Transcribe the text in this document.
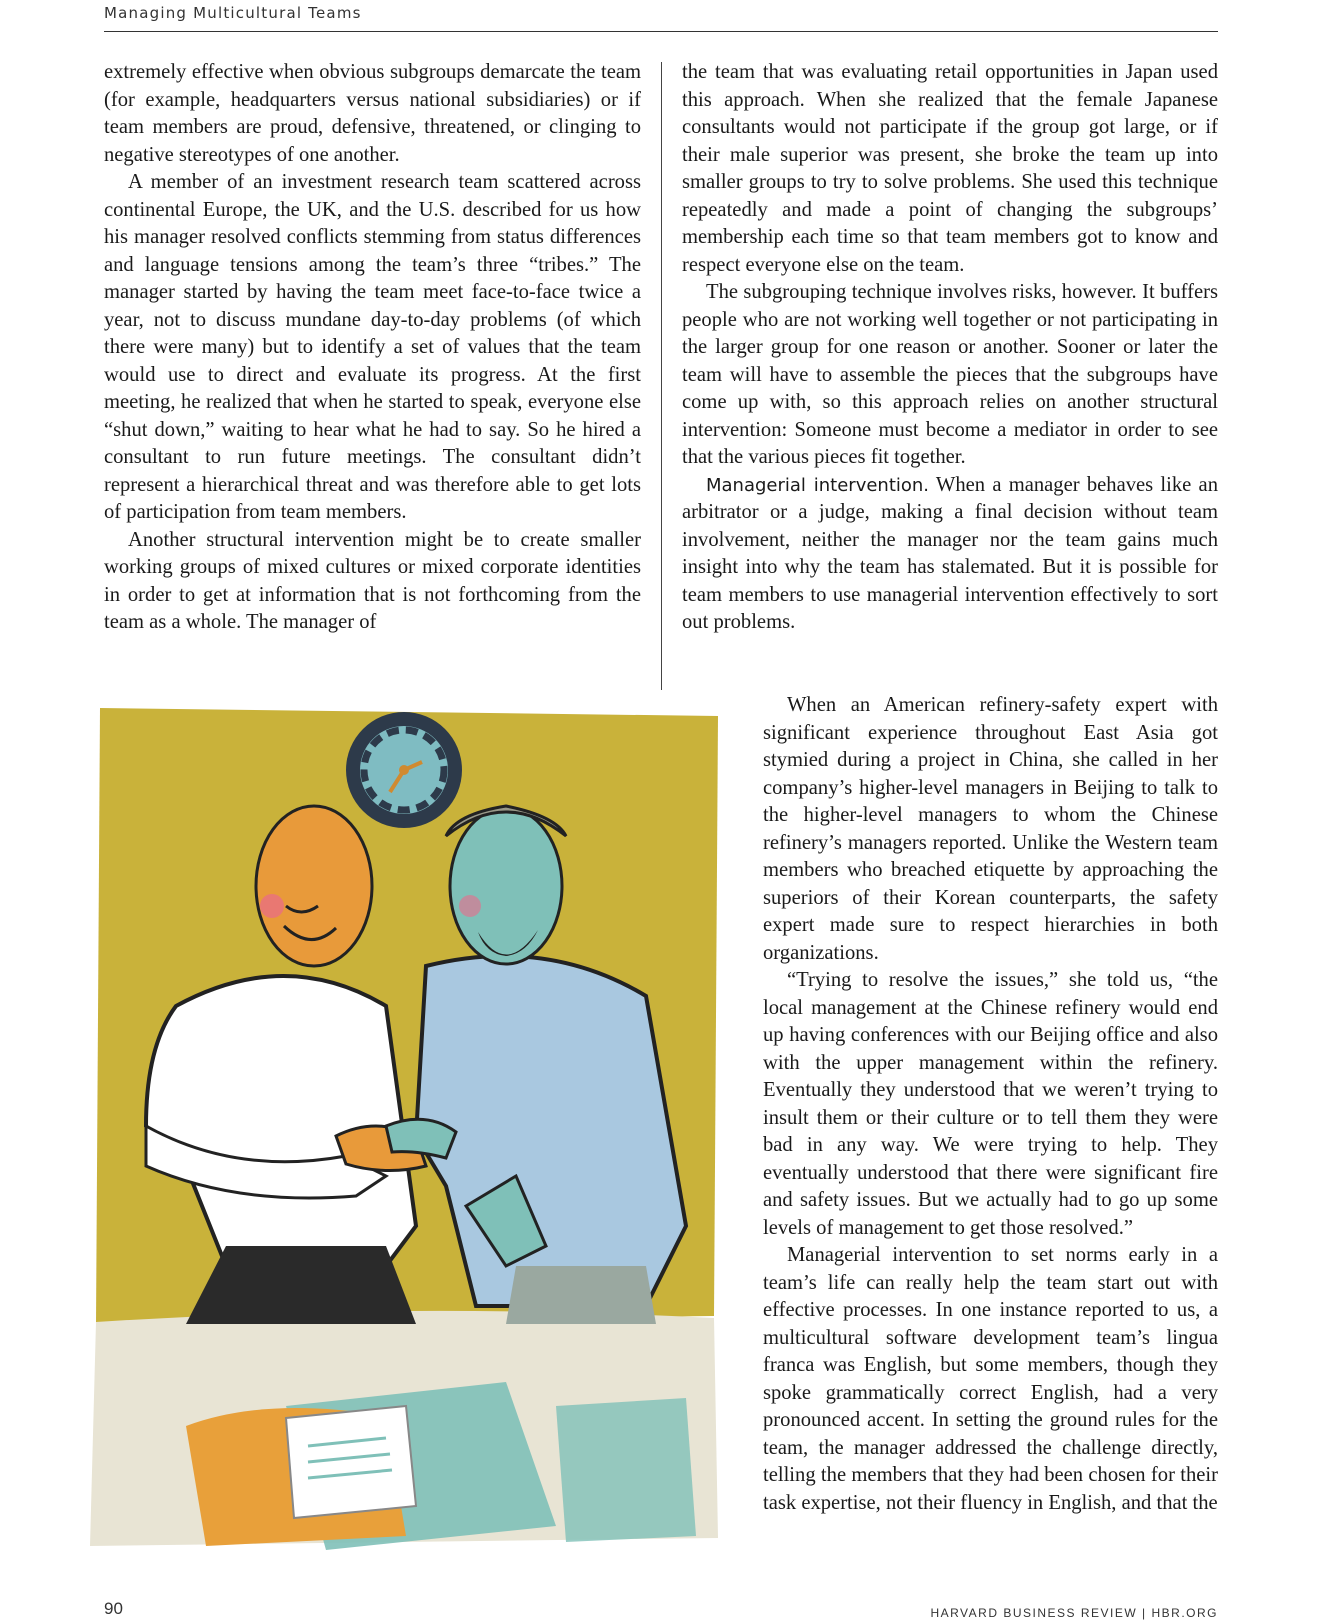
Managing Multicultural Teams

extremely effective when obvious subgroups demarcate the team (for example, headquarters versus national subsidiaries) or if team members are proud, defensive, threatened, or clinging to negative stereotypes of one another.

A member of an investment research team scattered across continental Europe, the UK, and the U.S. described for us how his manager resolved conflicts stemming from status differences and language tensions among the team’s three “tribes.” The manager started by having the team meet face-to-face twice a year, not to discuss mundane day-to-day problems (of which there were many) but to identify a set of values that the team would use to direct and evaluate its progress. At the first meeting, he realized that when he started to speak, everyone else “shut down,” waiting to hear what he had to say. So he hired a consultant to run future meetings. The consultant didn’t represent a hierarchical threat and was therefore able to get lots of participation from team members.

Another structural intervention might be to create smaller working groups of mixed cultures or mixed corporate identities in order to get at information that is not forthcoming from the team as a whole. The manager of

the team that was evaluating retail opportunities in Japan used this approach. When she realized that the female Japanese consultants would not participate if the group got large, or if their male superior was present, she broke the team up into smaller groups to try to solve problems. She used this technique repeatedly and made a point of changing the subgroups’ membership each time so that team members got to know and respect everyone else on the team.

The subgrouping technique involves risks, however. It buffers people who are not working well together or not participating in the larger group for one reason or another. Sooner or later the team will have to assemble the pieces that the subgroups have come up with, so this approach relies on another structural intervention: Someone must become a mediator in order to see that the various pieces fit together.

Managerial intervention. When a manager behaves like an arbitrator or a judge, making a final decision without team involvement, neither the manager nor the team gains much insight into why the team has stalemated. But it is possible for team members to use managerial intervention effectively to sort out problems.

When an American refinery-safety expert with significant experience throughout East Asia got stymied during a project in China, she called in her company’s higher-level managers in Beijing to talk to the higher-level managers to whom the Chinese refinery’s managers reported. Unlike the Western team members who breached etiquette by approaching the superiors of their Korean counterparts, the safety expert made sure to respect hierarchies in both organizations.

“Trying to resolve the issues,” she told us, “the local management at the Chinese refinery would end up having conferences with our Beijing office and also with the upper management within the refinery. Eventually they understood that we weren’t trying to insult them or their culture or to tell them they were bad in any way. We were trying to help. They eventually understood that there were significant fire and safety issues. But we actually had to go up some levels of management to get those resolved.”

Managerial intervention to set norms early in a team’s life can really help the team start out with effective processes. In one instance reported to us, a multicultural software development team’s lingua franca was English, but some members, though they spoke grammatically correct English, had a very pronounced accent. In setting the ground rules for the team, the manager addressed the challenge directly, telling the members that they had been chosen for their task expertise, not their fluency in English, and that the

90	HARVARD BUSINESS REVIEW | HBR.ORG
